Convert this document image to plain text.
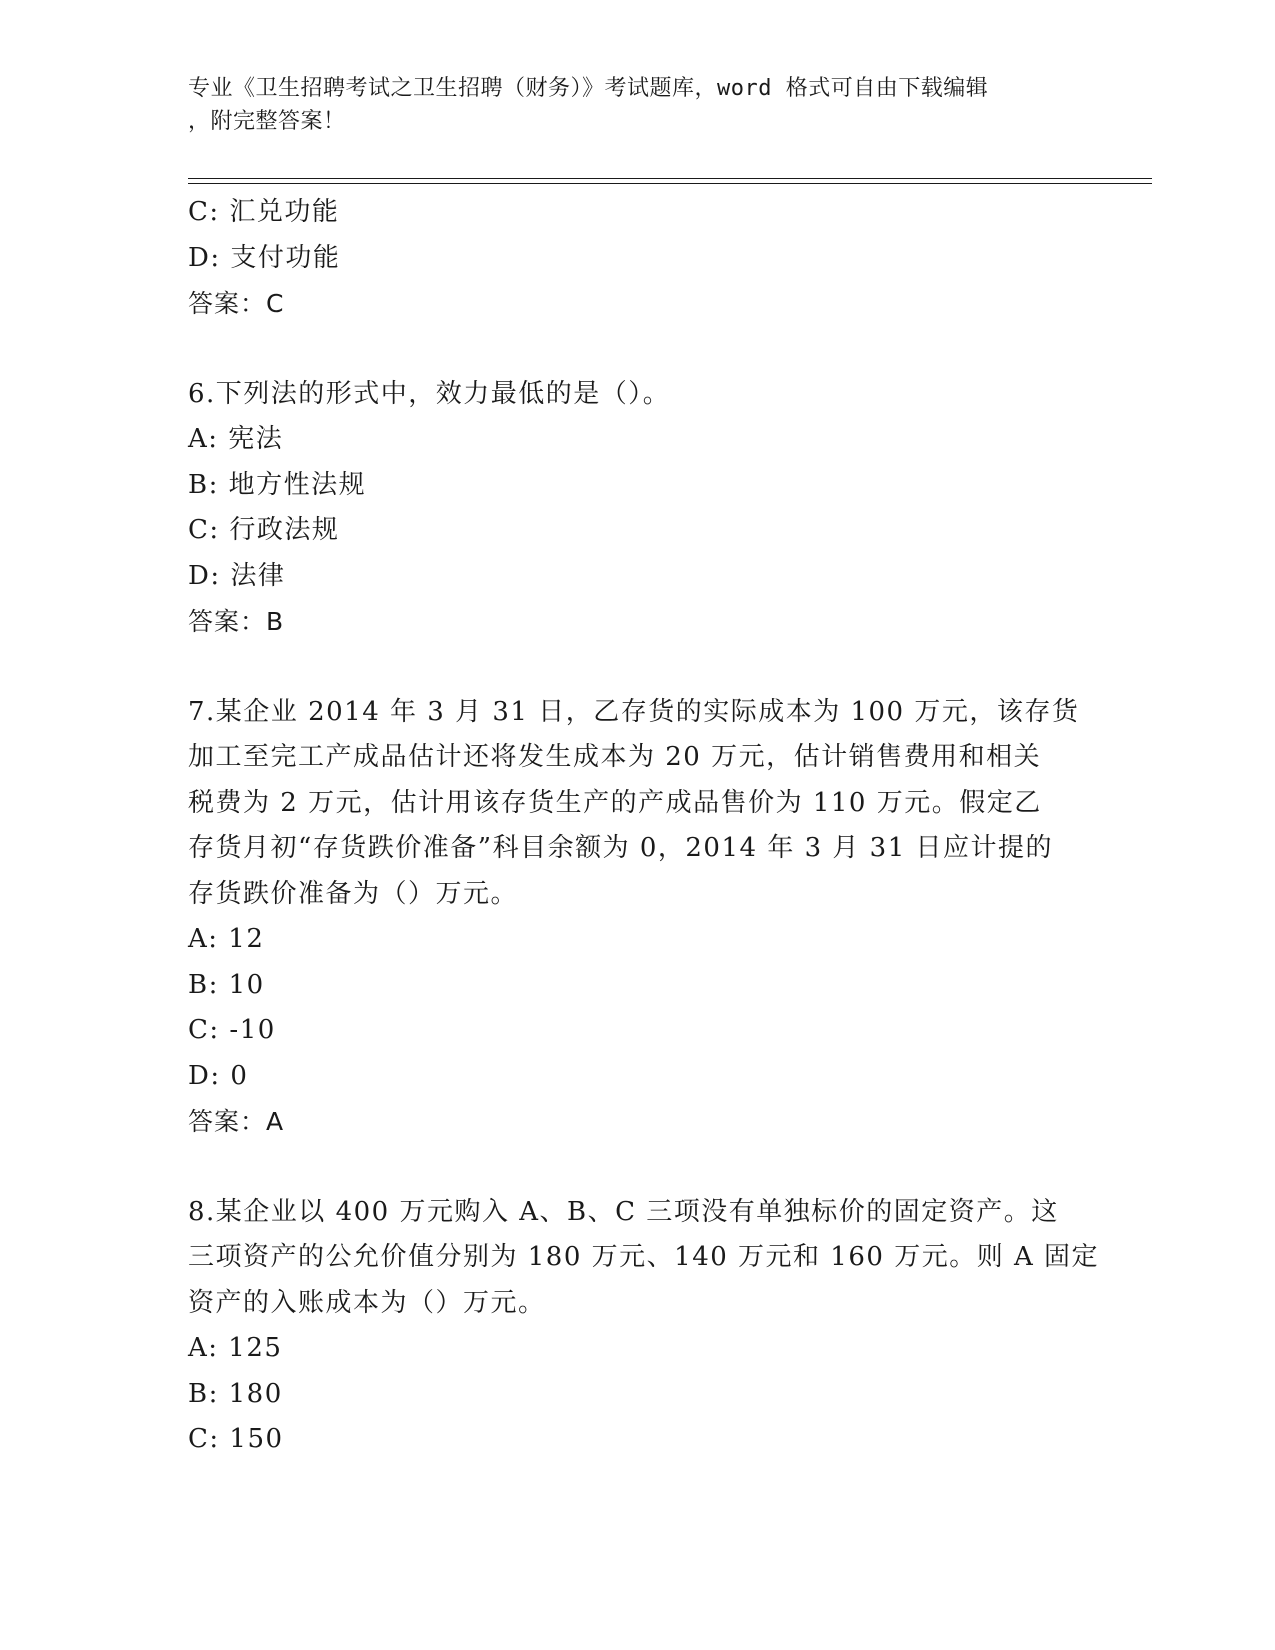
专业《卫生招聘考试之卫生招聘（财务）》考试题库，word 格式可自由下载编辑
，附完整答案！
C: 汇兑功能
D: 支付功能
答案：C
6.下列法的形式中，效力最低的是（）。
A: 宪法
B: 地方性法规
C: 行政法规
D: 法律
答案：B
7.某企业 2014 年 3 月 31 日，乙存货的实际成本为 100 万元，该存货
加工至完工产成品估计还将发生成本为 20 万元，估计销售费用和相关
税费为 2 万元，估计用该存货生产的产成品售价为 110 万元。假定乙
存货月初“存货跌价准备”科目余额为 0，2014 年 3 月 31 日应计提的
存货跌价准备为（）万元。
A: 12
B: 10
C: -10
D: 0
答案：A
8.某企业以 400 万元购入 A、B、C 三项没有单独标价的固定资产。这
三项资产的公允价值分别为 180 万元、140 万元和 160 万元。则 A 固定
资产的入账成本为（）万元。
A: 125
B: 180
C: 150
